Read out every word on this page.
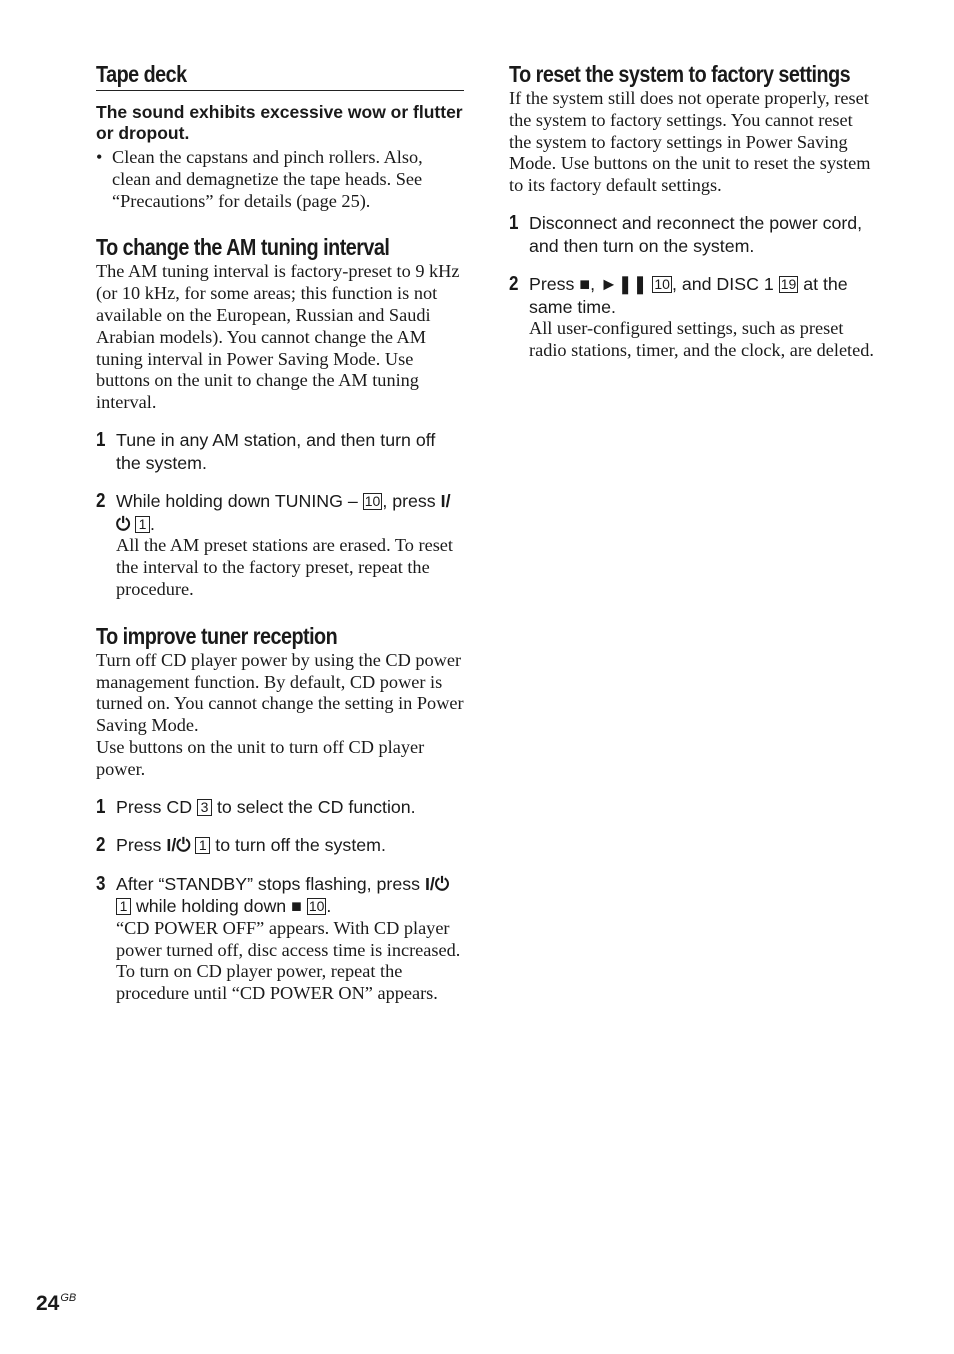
Tape deck

The sound exhibits excessive wow or flutter or dropout.

• Clean the capstans and pinch rollers. Also, clean and demagnetize the tape heads. See “Precautions” for details (page 25).
To change the AM tuning interval

The AM tuning interval is factory-preset to 9 kHz (or 10 kHz, for some areas; this function is not available on the European, Russian and Saudi Arabian models). You cannot change the AM tuning interval in Power Saving Mode. Use buttons on the unit to change the AM tuning interval.

1 Tune in any AM station, and then turn off the system.

2 While holding down TUNING – 10 , press I/⏻ 1 .

All the AM preset stations are erased. To reset the interval to the factory preset, repeat the procedure.

To improve tuner reception

Turn off CD player power by using the CD power management function. By default, CD power is turned on. You cannot change the setting in Power Saving Mode.

Use buttons on the unit to turn off CD player power.

1 Press CD 3 to select the CD function.

2 Press I/⏻ 1 to turn off the system.

3 After “STANDBY” stops flashing, press I/⏻ 1 while holding down ■ 10 .

“CD POWER OFF” appears. With CD player power turned off, disc access time is increased. To turn on CD player power, repeat the procedure until “CD POWER ON” appears.

To reset the system to factory settings

If the system still does not operate properly, reset the system to factory settings. You cannot reset the system to factory settings in Power Saving Mode. Use buttons on the unit to reset the system to its factory default settings.

1 Disconnect and reconnect the power cord, and then turn on the system.

2 Press ■, ►❚❚ 10 , and DISC 1 19 at the same time.

All user-configured settings, such as preset radio stations, timer, and the clock, are deleted.

$24^{GB}$
